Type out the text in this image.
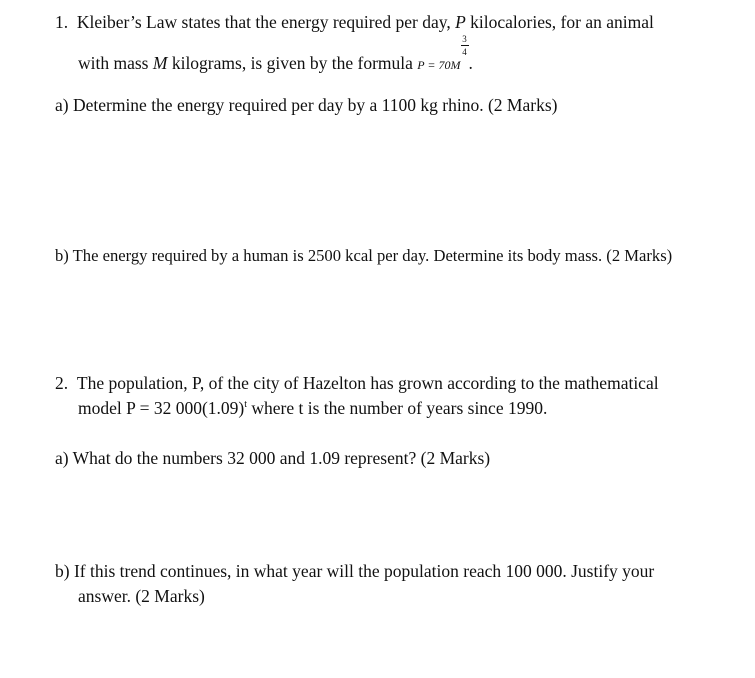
1. Kleiber’s Law states that the energy required per day, P kilocalories, for an animal
with mass M kilograms, is given by the formula $P = 70M \frac{3}{4}$ .
a) Determine the energy required per day by a 1100 kg rhino. (2 Marks)
b) The energy required by a human is 2500 kcal per day. Determine its body mass. (2 Marks)
2. The population, P, of the city of Hazelton has grown according to the mathematical
model P = 32 $000(1.09)^t$ where t is the number of years since 1990.
a) What do the numbers 32 000 and 1.09 represent? (2 Marks)
b) If this trend continues, in what year will the population reach 100 000. Justify your
answer. (2 Marks)
